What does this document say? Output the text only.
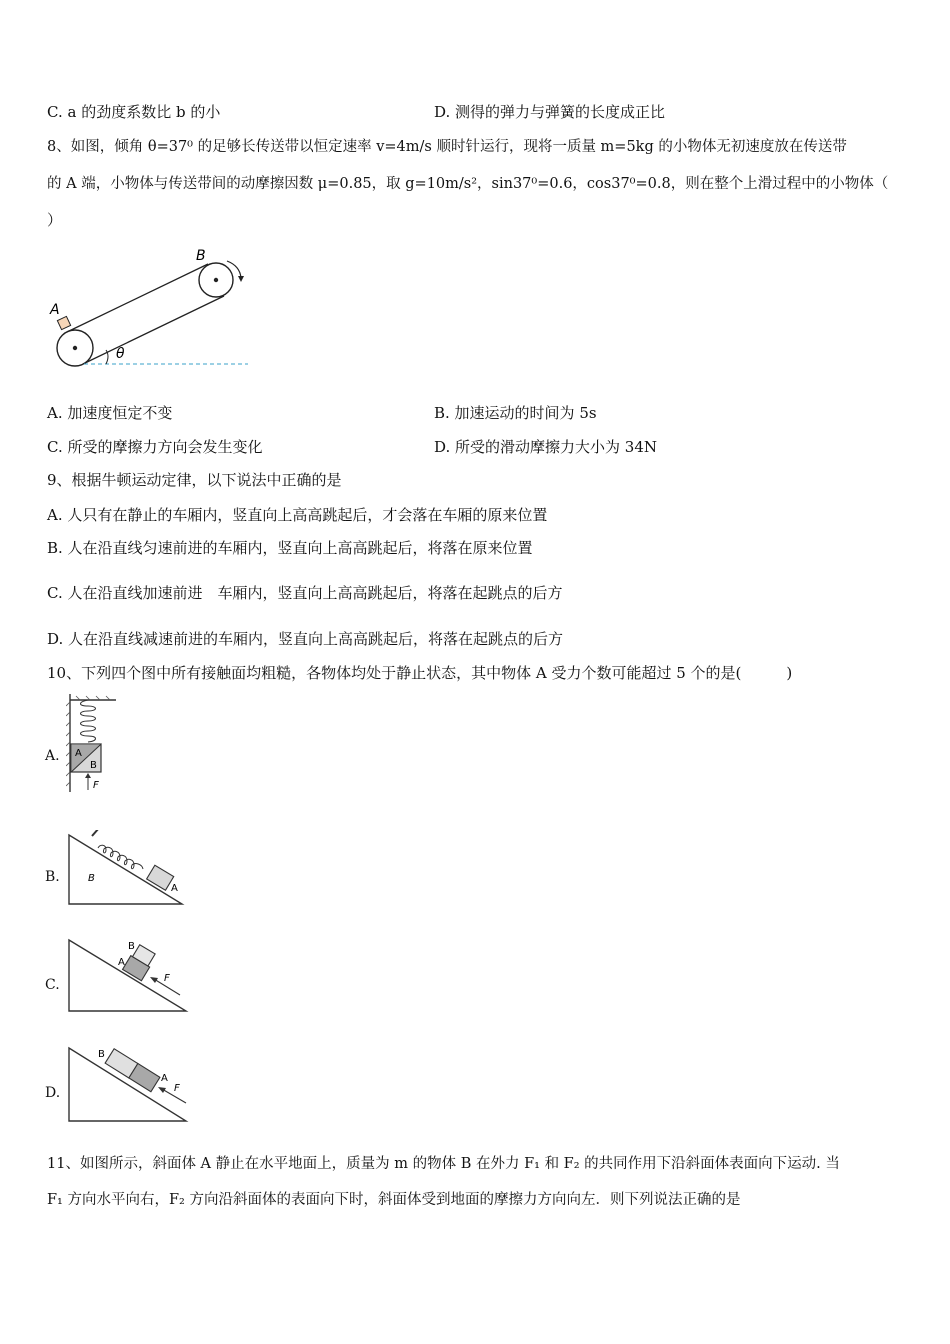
C. a 的劲度系数比 b 的小	D. 测得的弹力与弹簧的长度成正比
8、如图，倾角 θ=37⁰ 的足够长传送带以恒定速率 v=4m/s 顺时针运行，现将一质量 m=5kg 的小物体无初速度放在传送带
的 A 端，小物体与传送带间的动摩擦因数 μ=0.85，取 g=10m/s²，sin37⁰=0.6，cos37⁰=0.8，则在整个上滑过程中的小物体（
）
A
B
θ
A. 加速度恒定不变	B. 加速运动的时间为 5s
C. 所受的摩擦力方向会发生变化	D. 所受的滑动摩擦力大小为 34N
9、根据牛顿运动定律，以下说法中正确的是
A. 人只有在静止的车厢内，竖直向上高高跳起后，才会落在车厢的原来位置
B. 人在沿直线匀速前进的车厢内，竖直向上高高跳起后，将落在原来位置
C. 人在沿直线加速前进　车厢内，竖直向上高高跳起后，将落在起跳点的后方
D. 人在沿直线减速前进的车厢内，竖直向上高高跳起后，将落在起跳点的后方
10、下列四个图中所有接触面均粗糙，各物体均处于静止状态，其中物体 A 受力个数可能超过 5 个的是(　　　)
A. A
B
F
B.
A
B
C.
A
B
F
D.
B
A
F
11、如图所示，斜面体 A 静止在水平地面上，质量为 m 的物体 B 在外力 F₁ 和 F₂ 的共同作用下沿斜面体表面向下运动. 当
F₁ 方向水平向右，F₂ 方向沿斜面体的表面向下时，斜面体受到地面的摩擦力方向向左．则下列说法正确的是
